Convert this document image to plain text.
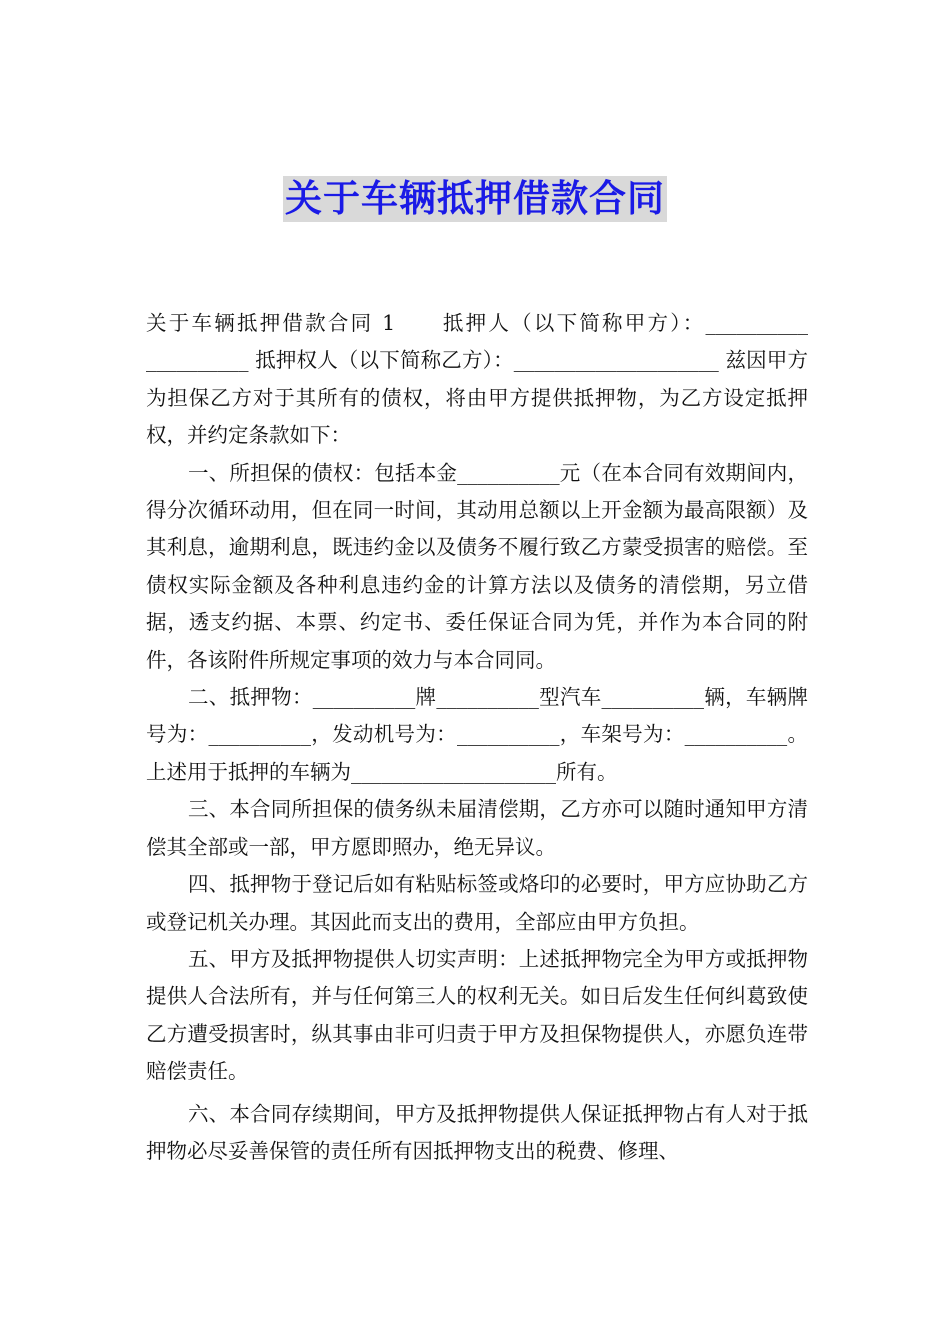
关于车辆抵押借款合同

关于车辆抵押借款合同 1　　抵押人（以下简称甲方）：__________ __________ 抵押权人（以下简称乙方）：____________________ 兹因甲方为担保乙方对于其所有的债权，将由甲方提供抵押物，为乙方设定抵押权，并约定条款如下：

一、所担保的债权：包括本金__________元（在本合同有效期间内，得分次循环动用，但在同一时间，其动用总额以上开金额为最高限额）及其利息，逾期利息，既违约金以及债务不履行致乙方蒙受损害的赔偿。至债权实际金额及各种利息违约金的计算方法以及债务的清偿期，另立借据，透支约据、本票、约定书、委任保证合同为凭，并作为本合同的附件，各该附件所规定事项的效力与本合同同。

二、抵押物：__________牌__________型汽车__________辆，车辆牌号为：__________，发动机号为：__________，车架号为：__________。上述用于抵押的车辆为____________________所有。

三、本合同所担保的债务纵未届清偿期，乙方亦可以随时通知甲方清偿其全部或一部，甲方愿即照办，绝无异议。

四、抵押物于登记后如有粘贴标签或烙印的必要时，甲方应协助乙方或登记机关办理。其因此而支出的费用，全部应由甲方负担。

五、甲方及抵押物提供人切实声明：上述抵押物完全为甲方或抵押物提供人合法所有，并与任何第三人的权利无关。如日后发生任何纠葛致使乙方遭受损害时，纵其事由非可归责于甲方及担保物提供人，亦愿负连带赔偿责任。

六、本合同存续期间，甲方及抵押物提供人保证抵押物占有人对于抵押物必尽妥善保管的责任所有因抵押物支出的税费、修理、
